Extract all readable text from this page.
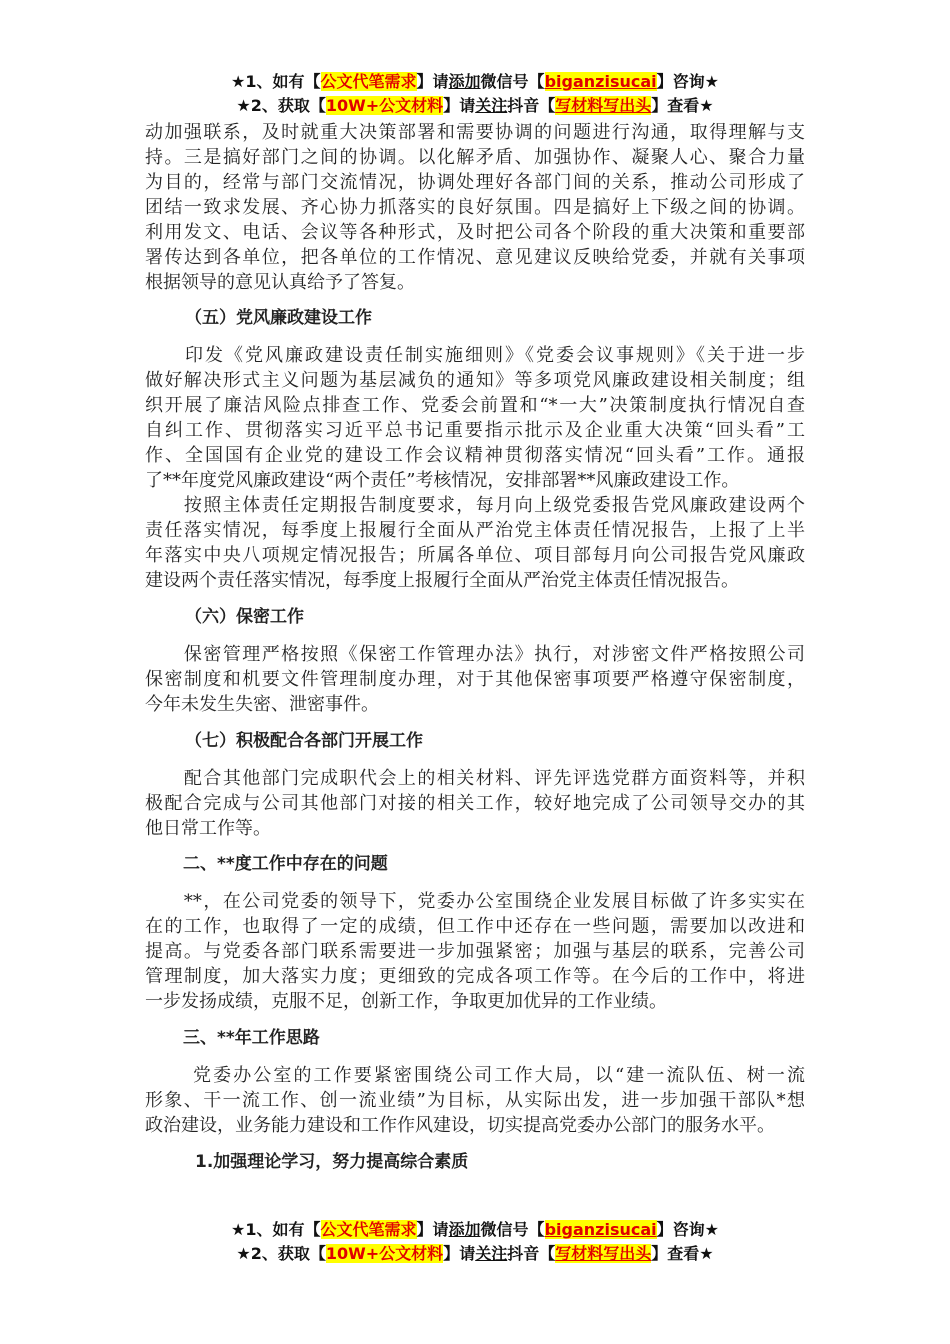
★1、如有【公文代笔需求】请添加微信号【biganzisucai】咨询★
★2、获取【10W+公文材料】请关注抖音【写材料写出头】查看★
动加强联系，及时就重大决策部署和需要协调的问题进行沟通，取得理解与支
持。三是搞好部门之间的协调。以化解矛盾、加强协作、凝聚人心、聚合力量
为目的，经常与部门交流情况，协调处理好各部门间的关系，推动公司形成了
团结一致求发展、齐心协力抓落实的良好氛围。四是搞好上下级之间的协调。
利用发文、电话、会议等各种形式，及时把公司各个阶段的重大决策和重要部
署传达到各单位，把各单位的工作情况、意见建议反映给党委，并就有关事项
根据领导的意见认真给予了答复。
（五）党风廉政建设工作
　　印发《党风廉政建设责任制实施细则》《党委会议事规则》《关于进一步
做好解决形式主义问题为基层减负的通知》等多项党风廉政建设相关制度；组
织开展了廉洁风险点排查工作、党委会前置和“*一大”决策制度执行情况自查
自纠工作、贯彻落实习近平总书记重要指示批示及企业重大决策“回头看”工
作、全国国有企业党的建设工作会议精神贯彻落实情况“回头看”工作。通报
了**年度党风廉政建设“两个责任”考核情况，安排部署**风廉政建设工作。
　　按照主体责任定期报告制度要求，每月向上级党委报告党风廉政建设两个
责任落实情况，每季度上报履行全面从严治党主体责任情况报告，上报了上半
年落实中央八项规定情况报告；所属各单位、项目部每月向公司报告党风廉政
建设两个责任落实情况，每季度上报履行全面从严治党主体责任情况报告。
（六）保密工作
　　保密管理严格按照《保密工作管理办法》执行，对涉密文件严格按照公司
保密制度和机要文件管理制度办理，对于其他保密事项要严格遵守保密制度，
今年未发生失密、泄密事件。
（七）积极配合各部门开展工作
　　配合其他部门完成职代会上的相关材料、评先评选党群方面资料等，并积
极配合完成与公司其他部门对接的相关工作，较好地完成了公司领导交办的其
他日常工作等。
二、**度工作中存在的问题
　　**，在公司党委的领导下，党委办公室围绕企业发展目标做了许多实实在
在的工作，也取得了一定的成绩，但工作中还存在一些问题，需要加以改进和
提高。与党委各部门联系需要进一步加强紧密；加强与基层的联系，完善公司
管理制度，加大落实力度；更细致的完成各项工作等。在今后的工作中，将进
一步发扬成绩，克服不足，创新工作，争取更加优异的工作业绩。
三、**年工作思路
　　 党委办公室的工作要紧密围绕公司工作大局，以“建一流队伍、树一流
形象、干一流工作、创一流业绩”为目标，从实际出发，进一步加强干部队*想
政治建设，业务能力建设和工作作风建设，切实提高党委办公部门的服务水平。
1.加强理论学习，努力提高综合素质
★1、如有【公文代笔需求】请添加微信号【biganzisucai】咨询★
★2、获取【10W+公文材料】请关注抖音【写材料写出头】查看★
